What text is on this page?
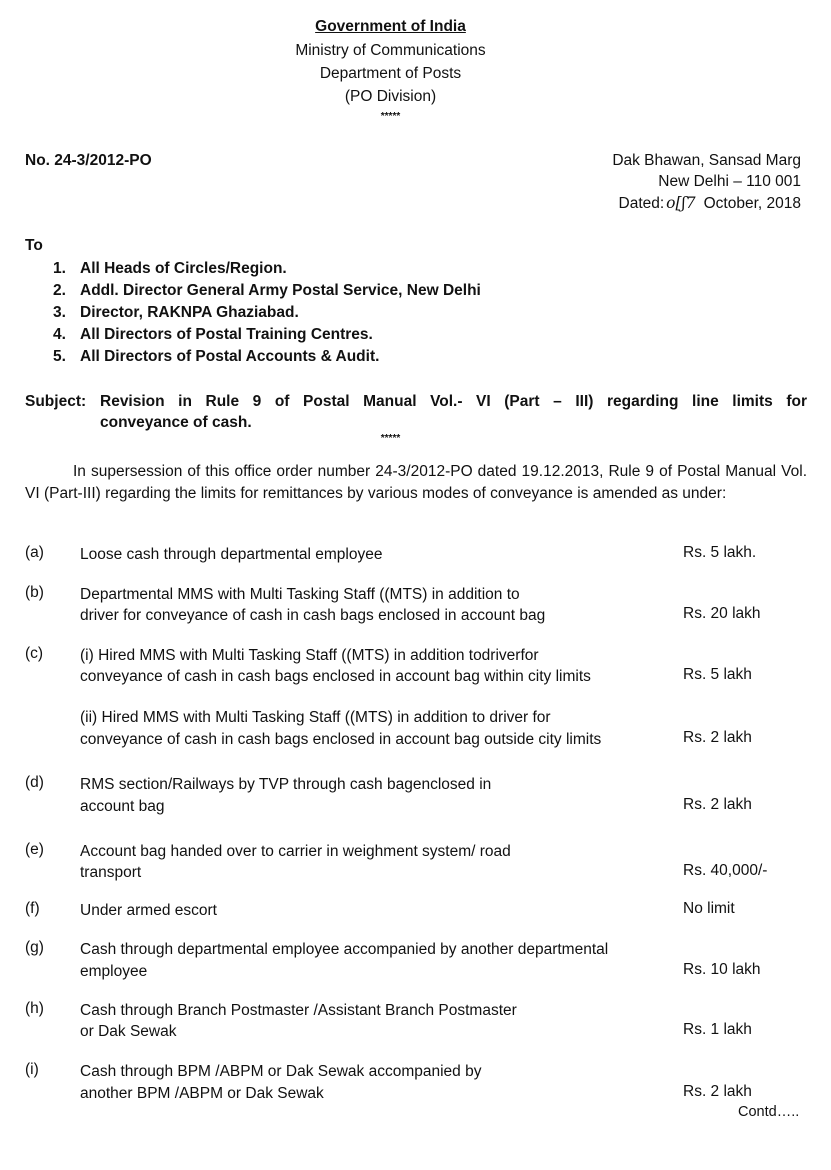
Government of India
Ministry of Communications
Department of Posts
(PO Division)
*****
No. 24-3/2012-PO	Dak Bhawan, Sansad Marg
New Delhi – 110 001
Dated: o[ʃ7 October, 2018
To
1. All Heads of Circles/Region.
2. Addl. Director General Army Postal Service, New Delhi
3. Director, RAKNPA Ghaziabad.
4. All Directors of Postal Training Centres.
5. All Directors of Postal Accounts & Audit.
Subject: Revision in Rule 9 of Postal Manual Vol.- VI (Part – III) regarding line limits for
conveyance of cash.
*****
In supersession of this office order number 24-3/2012-PO dated 19.12.2013, Rule 9 of Postal Manual Vol. VI (Part-III) regarding the limits for remittances by various modes of conveyance is amended as under:
(a) Loose cash through departmental employee	Rs. 5 lakh.
(b) Departmental MMS with Multi Tasking Staff ((MTS) in addition to
driver for conveyance of cash in cash bags enclosed in account bag	Rs. 20 lakh
(c) (i) Hired MMS with Multi Tasking Staff ((MTS) in addition todriverfor
conveyance of cash in cash bags enclosed in account bag within city limits	Rs. 5 lakh
(ii) Hired MMS with Multi Tasking Staff ((MTS) in addition to driver for
conveyance of cash in cash bags enclosed in account bag outside city limits	Rs. 2 lakh
(d) RMS section/Railways by TVP through cash bagenclosed in
account bag	Rs. 2 lakh
(e) Account bag handed over to carrier in weighment system/ road
transport	Rs. 40,000/-
(f)	Under armed escort	No limit
(g) Cash through departmental employee accompanied by another departmental
employee	Rs. 10 lakh
(h) Cash through Branch Postmaster /Assistant Branch Postmaster
or Dak Sewak	Rs. 1 lakh
(i)	Cash through BPM /ABPM or Dak Sewak accompanied by
another BPM /ABPM or Dak Sewak	Rs. 2 lakh
Contd…..
